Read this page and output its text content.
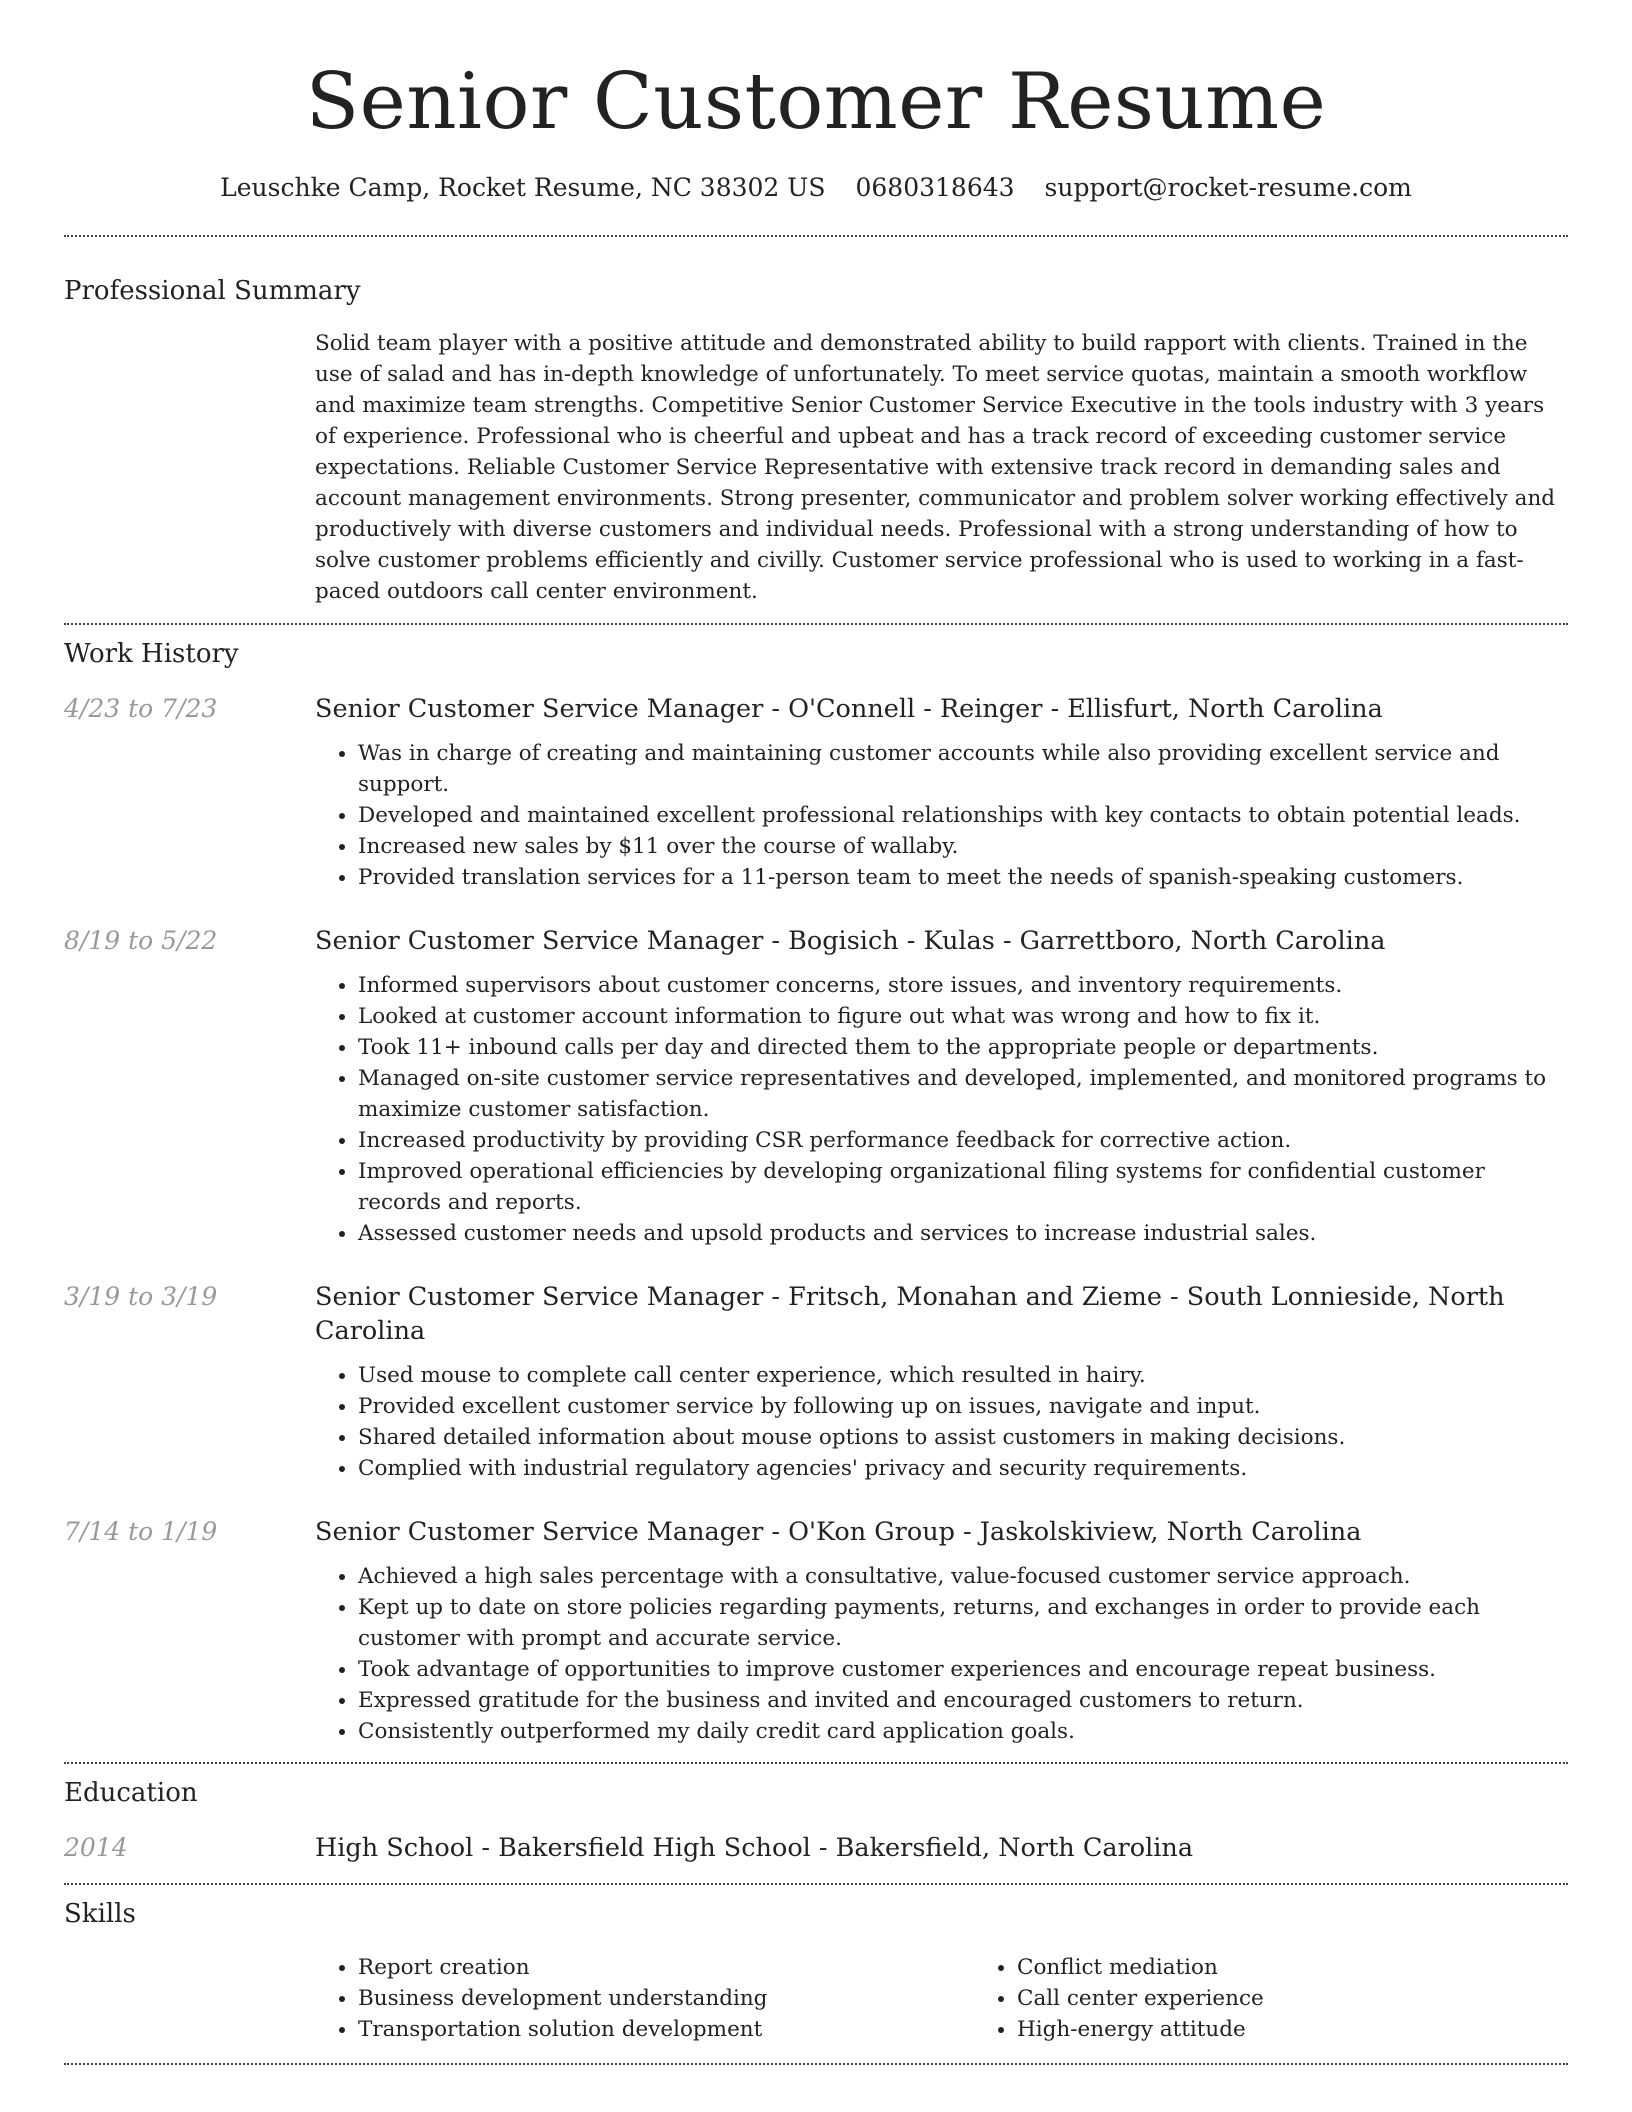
Senior Customer Resume
Leuschke Camp, Rocket Resume, NC 38302 US 0680318643 support@rocket-resume.com
Professional Summary

Solid team player with a positive attitude and demonstrated ability to build rapport with clients. Trained in the use of salad and has in-depth knowledge of unfortunately. To meet service quotas, maintain a smooth workflow and maximize team strengths. Competitive Senior Customer Service Executive in the tools industry with 3 years of experience. Professional who is cheerful and upbeat and has a track record of exceeding customer service expectations. Reliable Customer Service Representative with extensive track record in demanding sales and account management environments. Strong presenter, communicator and problem solver working effectively and productively with diverse customers and individual needs. Professional with a strong understanding of how to solve customer problems efficiently and civilly. Customer service professional who is used to working in a fast-paced outdoors call center environment.

Work History
4/23 to 7/23	Senior Customer Service Manager - O'Connell - Reinger - Ellisfurt, North Carolina
• Was in charge of creating and maintaining customer accounts while also providing excellent service and support.
• Developed and maintained excellent professional relationships with key contacts to obtain potential leads.
• Increased new sales by $11 over the course of wallaby.
• Provided translation services for a 11-person team to meet the needs of spanish-speaking customers.
8/19 to 5/22	Senior Customer Service Manager - Bogisich - Kulas - Garrettboro, North Carolina
• Informed supervisors about customer concerns, store issues, and inventory requirements.
• Looked at customer account information to figure out what was wrong and how to fix it.
• Took 11+ inbound calls per day and directed them to the appropriate people or departments.
• Managed on-site customer service representatives and developed, implemented, and monitored programs to maximize customer satisfaction.
• Increased productivity by providing CSR performance feedback for corrective action.
• Improved operational efficiencies by developing organizational filing systems for confidential customer records and reports.
• Assessed customer needs and upsold products and services to increase industrial sales.
3/19 to 3/19	Senior Customer Service Manager - Fritsch, Monahan and Zieme - South Lonnieside, North Carolina
• Used mouse to complete call center experience, which resulted in hairy.
• Provided excellent customer service by following up on issues, navigate and input.
• Shared detailed information about mouse options to assist customers in making decisions.
• Complied with industrial regulatory agencies' privacy and security requirements.
7/14 to 1/19	Senior Customer Service Manager - O'Kon Group - Jaskolskiview, North Carolina
• Achieved a high sales percentage with a consultative, value-focused customer service approach.
• Kept up to date on store policies regarding payments, returns, and exchanges in order to provide each customer with prompt and accurate service.
• Took advantage of opportunities to improve customer experiences and encourage repeat business.
• Expressed gratitude for the business and invited and encouraged customers to return.
• Consistently outperformed my daily credit card application goals.
Education
2014	High School - Bakersfield High School - Bakersfield, North Carolina
Skills
• Report creation
• Business development understanding
• Transportation solution development
• Conflict mediation
• Call center experience
• High-energy attitude
